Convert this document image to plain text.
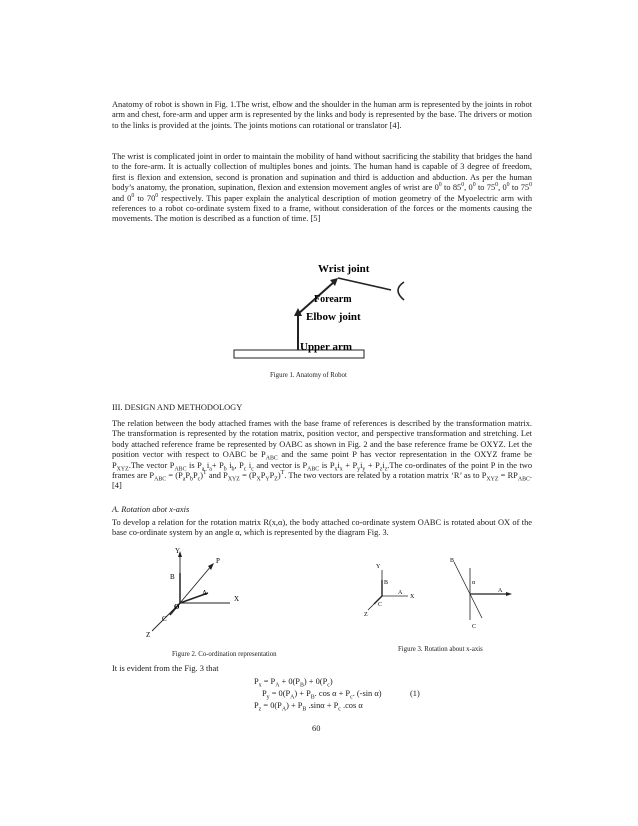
Anatomy of robot is shown in Fig. 1.The wrist, elbow and the shoulder in the human arm is represented by the joints in robot arm and chest, fore-arm and upper arm is represented by the links and body is represented by the base. The drivers or motion to the links is provided at the joints. The joints motions can rotational or translator [4].

The wrist is complicated joint in order to maintain the mobility of hand without sacrificing the stability that bridges the hand to the fore-arm. It is actually collection of multiples bones and joints. The human hand is capable of 3 degree of freedom, first is flexion and extension, second is pronation and supination and third is adduction and abduction. As per the human body’s anatomy, the pronation, supination, flexion and extension movement angles of wrist are $0^0$ to $85^0$, $0^0$ to $75^0$, $0^0$ to $75^0$ and $0^0$ to $70^0$ respectively. This paper explain the analytical description of motion geometry of the Myoelectric arm with references to a robot co-ordinate system fixed to a frame, without consideration of the forces or the moments causing the movements. The motion is described as a function of time. [5]

Wrist joint
Forearm
Elbow joint
Upper arm
Figure 1. Anatomy of Robot
III. DESIGN AND METHODOLOGY

The relation between the body attached frames with the base frame of references is described by the transformation matrix. The transformation is represented by the rotation matrix, position vector, and perspective transformation and stretching. Let body attached reference frame be represented by OABC as shown in Fig. 2 and the base reference frame be OXYZ. Let the position vector with respect to OABC be $P_{ABC}$ and the same point P has vector representation in the OXYZ frame be $P_{XYZ}.The$ vector $P_{ABC}$ is $P_a$ $i_a+ P_b$ $i_b$, $P_c$ $i_c$ and vector is $P_{ABC}$ is $P_xi_x + P_yi_y + P_zi_z.The$ co-ordinates of the point P in the two frames are $P_{ABC} = (P_aP_bP_c)^T$ and $P_{XYZ} = (P_XP_YP_Z)^T$. The two vectors are related by a rotation matrix ‘R’ as to $P_{XYZ} = RP_{ABC}.[4]$

A. Rotation abot x-axis
To develop a relation for the rotation matrix R(x,α), the body attached co-ordinate system OABC is rotated about OX of the base co-ordinate system by an angle α, which is represented by the diagram Fig. 3.
Y
P
B
A
X
O
C
Z
Figure 2. Co-ordination representation
Y
B
Z
C
X
A
B
α
C
A
Figure 3. Rotation about x-axis
It is evident from the Fig. 3 that
$P_x = P_A + 0(P_B) + 0(P_c)$
$P_y = 0(P_A) + P_B$. $\cos \alpha + P_c$. (-sin α)	(1)
$P_z = 0(P_A) + P_B$ $.\sin\alpha + P_c$ .cos α
60
